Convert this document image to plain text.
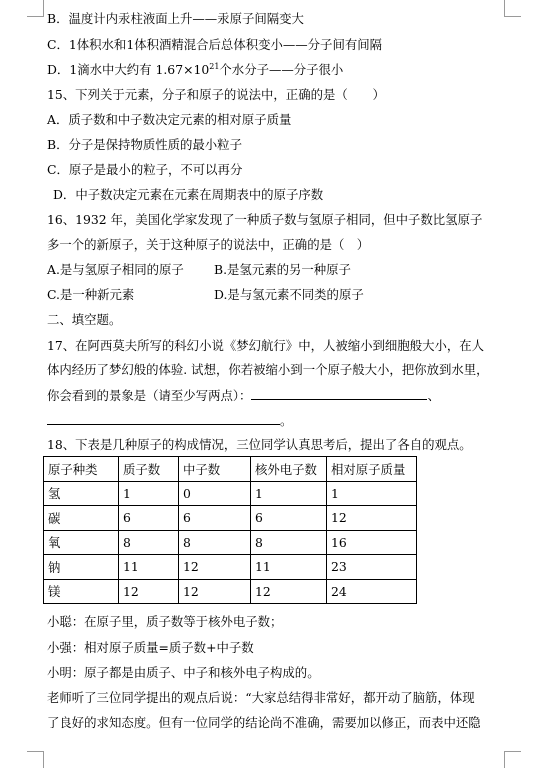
B．温度计内汞柱液面上升——汞原子间隔变大
C．1体积水和1体积酒精混合后总体积变小——分子间有间隔
D．1滴水中大约有 $1.67\times 10^{21}$个水分子——分子很小
15、下列关于元素，分子和原子的说法中，正确的是（　　）
A．质子数和中子数决定元素的相对原子质量
B．分子是保持物质性质的最小粒子
C．原子是最小的粒子，不可以再分
D．中子数决定元素在元素在周期表中的原子序数
16、1932 年，美国化学家发现了一种质子数与氢原子相同，但中子数比氢原子
多一个的新原子，关于这种原子的说法中，正确的是（　）
A.是与氢原子相同的原子 B.是氢元素的另一种原子
C.是一种新元素	D.是与氢元素不同类的原子
二、填空题。
17、在阿西莫夫所写的科幻小说《梦幻航行》中，人被缩小到细胞般大小，在人
体内经历了梦幻般的体验. 试想，你若被缩小到一个原子般大小，把你放到水里，
你会看到的景象是（请至少写两点）：	、
。
18、下表是几种原子的构成情况，三位同学认真思考后，提出了各自的观点。
原子种类	质子数	中子数	核外电子数	相对原子质量
氢	1	0	1	1
碳	6	6	6	12
氧	8	8	8	16
钠	11	12	11	23
镁	12	12	12	24
小聪：在原子里，质子数等于核外电子数；
小强：相对原子质量=质子数+中子数
小明：原子都是由质子、中子和核外电子构成的。
老师听了三位同学提出的观点后说：“大家总结得非常好，都开动了脑筋，体现
了良好的求知态度。但有一位同学的结论尚不准确，需要加以修正，而表中还隐
